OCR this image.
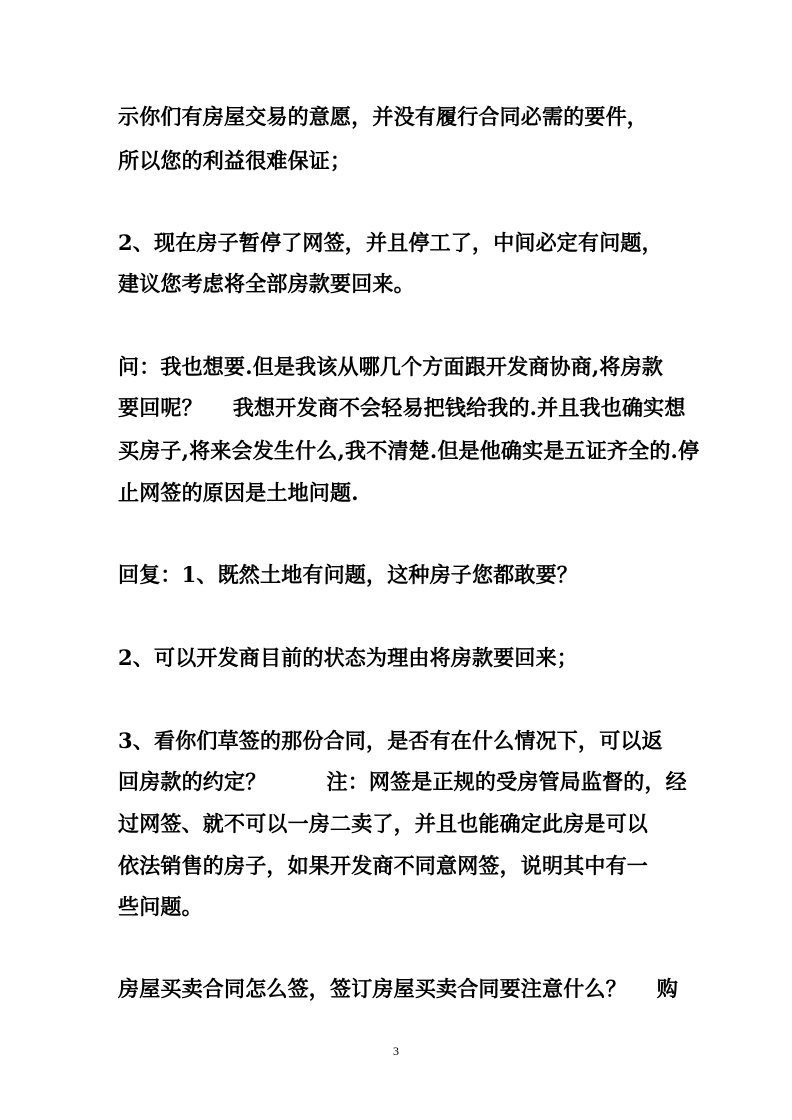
示你们有房屋交易的意愿，并没有履行合同必需的要件，
所以您的利益很难保证；
2、现在房子暂停了网签，并且停工了，中间必定有问题，
建议您考虑将全部房款要回来。
问：我也想要.但是我该从哪几个方面跟开发商协商,将房款
要回呢？    我想开发商不会轻易把钱给我的.并且我也确实想
买房子,将来会发生什么,我不清楚.但是他确实是五证齐全的.停
止网签的原因是土地问题.
回复：1、既然土地有问题，这种房子您都敢要？
2、可以开发商目前的状态为理由将房款要回来；
3、看你们草签的那份合同，是否有在什么情况下，可以返
回房款的约定？        注：网签是正规的受房管局监督的，经
过网签、就不可以一房二卖了，并且也能确定此房是可以
依法销售的房子，如果开发商不同意网签，说明其中有一
些问题。
房屋买卖合同怎么签，签订房屋买卖合同要注意什么？    购
3
